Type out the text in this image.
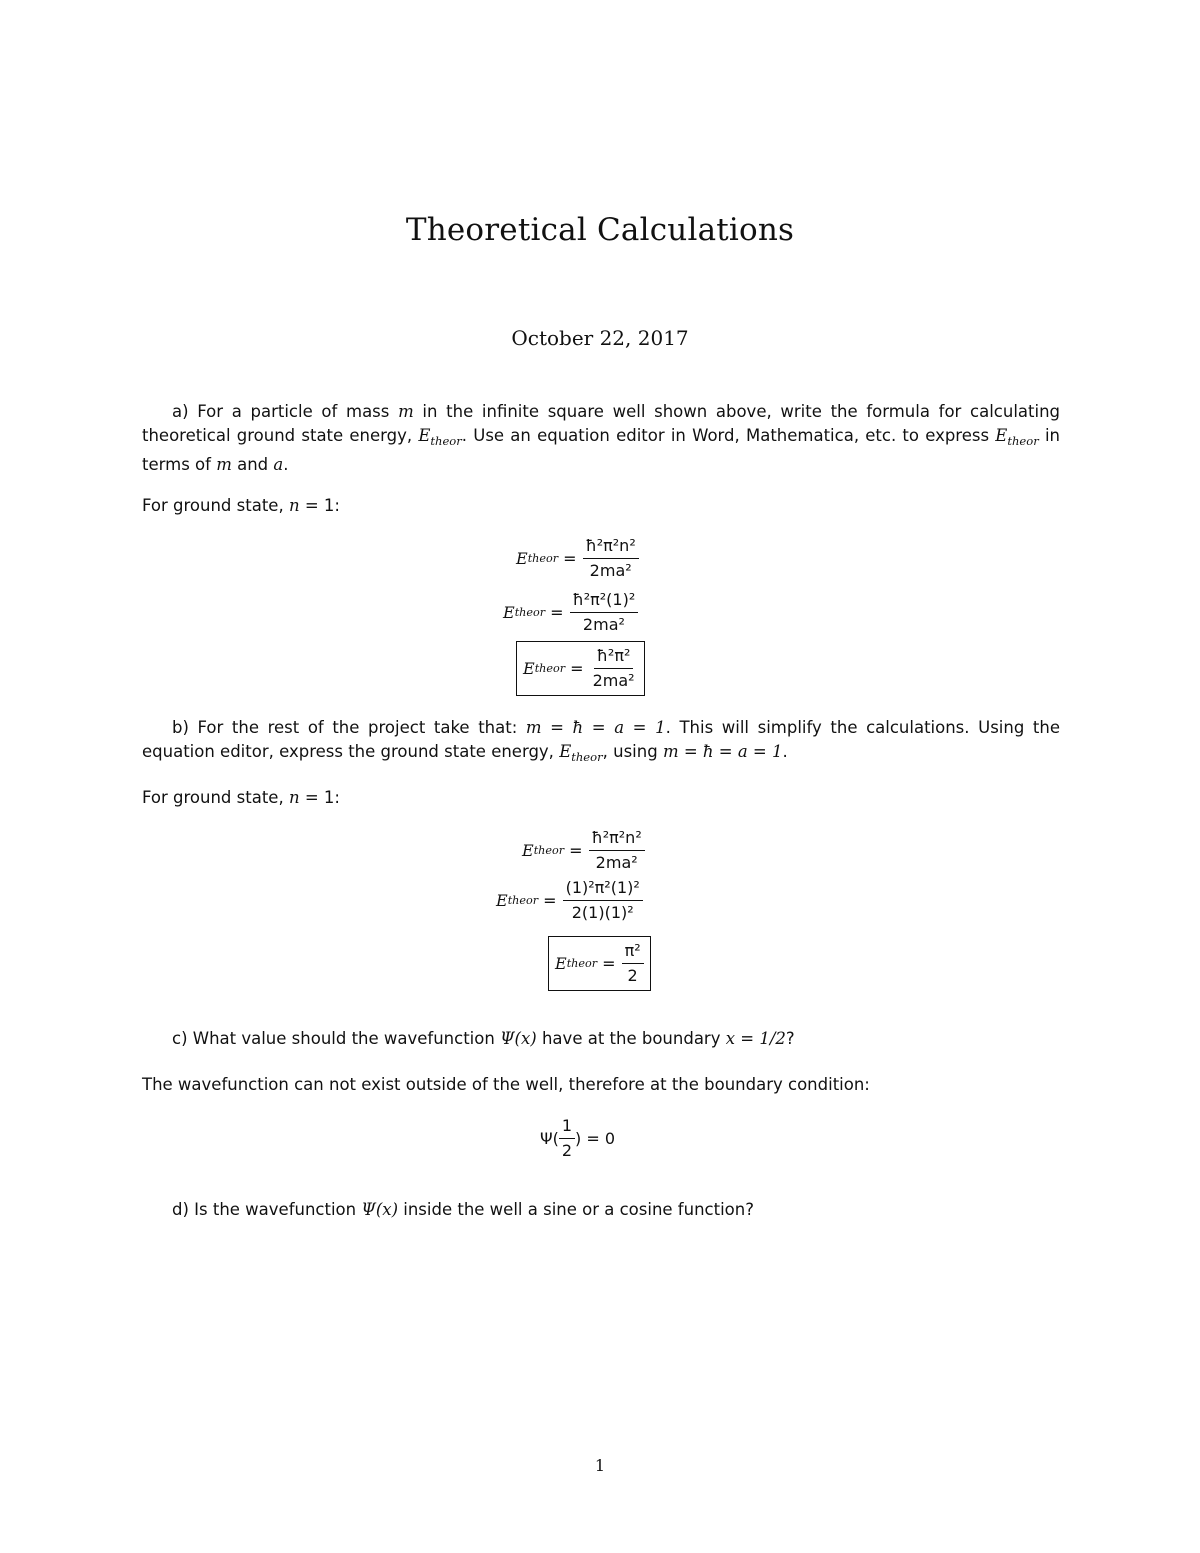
Theoretical Calculations
October 22, 2017
a) For a particle of mass m in the infinite square well shown above, write the formula for calculating theoretical ground state energy, $E_{theor}$. Use an equation editor in Word, Mathematica, etc. to express $E_{theor}$ in terms of m and a.
For ground state, n = 1:
E theor = $\frac{\text{ħ²π²n²}}{\text{2ma²}}$
E theor = $\frac{\text{ħ²π²(1)²}}{\text{2ma²}}$
E theor = $\frac{\text{ħ²π²}}{\text{2ma²}}$
b) For the rest of the project take that: m = ħ = a = 1. This will simplify the calculations. Using the equation editor, express the ground state energy, $E_{theor}$, using m = ħ = a = 1.
For ground state, n = 1:
E theor = $\frac{\text{ħ²π²n²}}{\text{2ma²}}$
E theor = $\frac{\text{(1)²π²(1)²}}{\text{2(1)(1)²}}$
E theor = $\frac{\text{π²}}{2}$
c) What value should the wavefunction Ψ(x) have at the boundary x = 1/2?
The wavefunction can not exist outside of the well, therefore at the boundary condition:
$\Psi( \frac{1}{2}$ ) = 0
d) Is the wavefunction Ψ(x) inside the well a sine or a cosine function?
1
